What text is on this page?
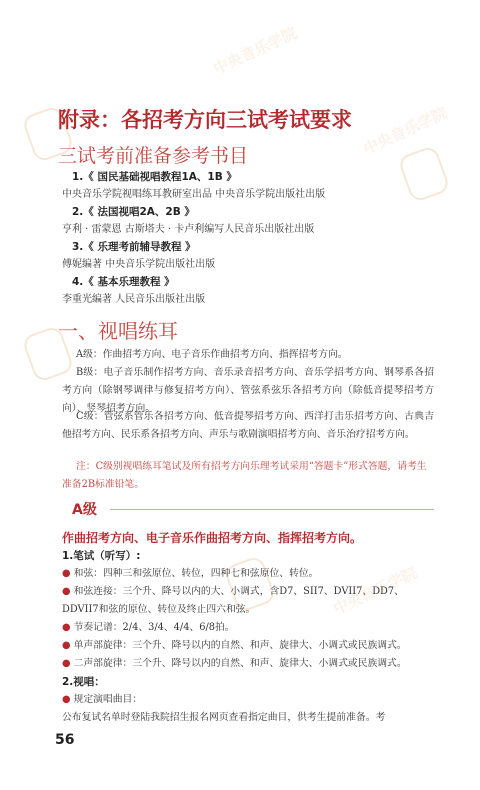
中央音乐学院
中央音乐学院
中央音乐学院
附录：各招考方向三试考试要求
三试考前准备参考书目
1.《 国民基础视唱教程1A、1B 》
中央音乐学院视唱练耳教研室出品 中央音乐学院出版社出版
2.《 法国视唱2A、2B 》
亨利 · 雷蒙恩 古斯塔夫 · 卡卢利编写人民音乐出版社出版
3.《 乐理考前辅导教程 》
傅妮编著 中央音乐学院出版社出版
4.《 基本乐理教程 》
李重光编著 人民音乐出版社出版
一、视唱练耳
A级：作曲招考方向、电子音乐作曲招考方向、指挥招考方向。
B级：电子音乐制作招考方向、音乐录音招考方向、音乐学招考方向、钢琴系各招考方向（除钢琴调律与修复招考方向）、管弦系弦乐各招考方向（除低音提琴招考方向）、竖琴招考方向。
C级：管弦系管乐各招考方向、低音提琴招考方向、西洋打击乐招考方向、古典吉他招考方向、民乐系各招考方向、声乐与歌剧演唱招考方向、音乐治疗招考方向。
注：C级别视唱练耳笔试及所有招考方向乐理考试采用“答题卡”形式答题，请考生准备2B标准铅笔。
A级
作曲招考方向、电子音乐作曲招考方向、指挥招考方向。
1.笔试（听写）:
● 和弦：四种三和弦原位、转位，四种七和弦原位、转位。
● 和弦连接：三个升、降号以内的大、小调式，含D7、SII7、DVII7、DD7、DDVII7和弦的原位、转位及终止四六和弦。
● 节奏记谱：2/4、3/4、4/4、6/8拍。
● 单声部旋律：三个升、降号以内的自然、和声、旋律大、小调式或民族调式。
● 二声部旋律：三个升、降号以内的自然、和声、旋律大、小调式或民族调式。
2.视唱：
● 规定演唱曲目：
公布复试名单时登陆我院招生报名网页查看指定曲目，供考生提前准备。考
56
